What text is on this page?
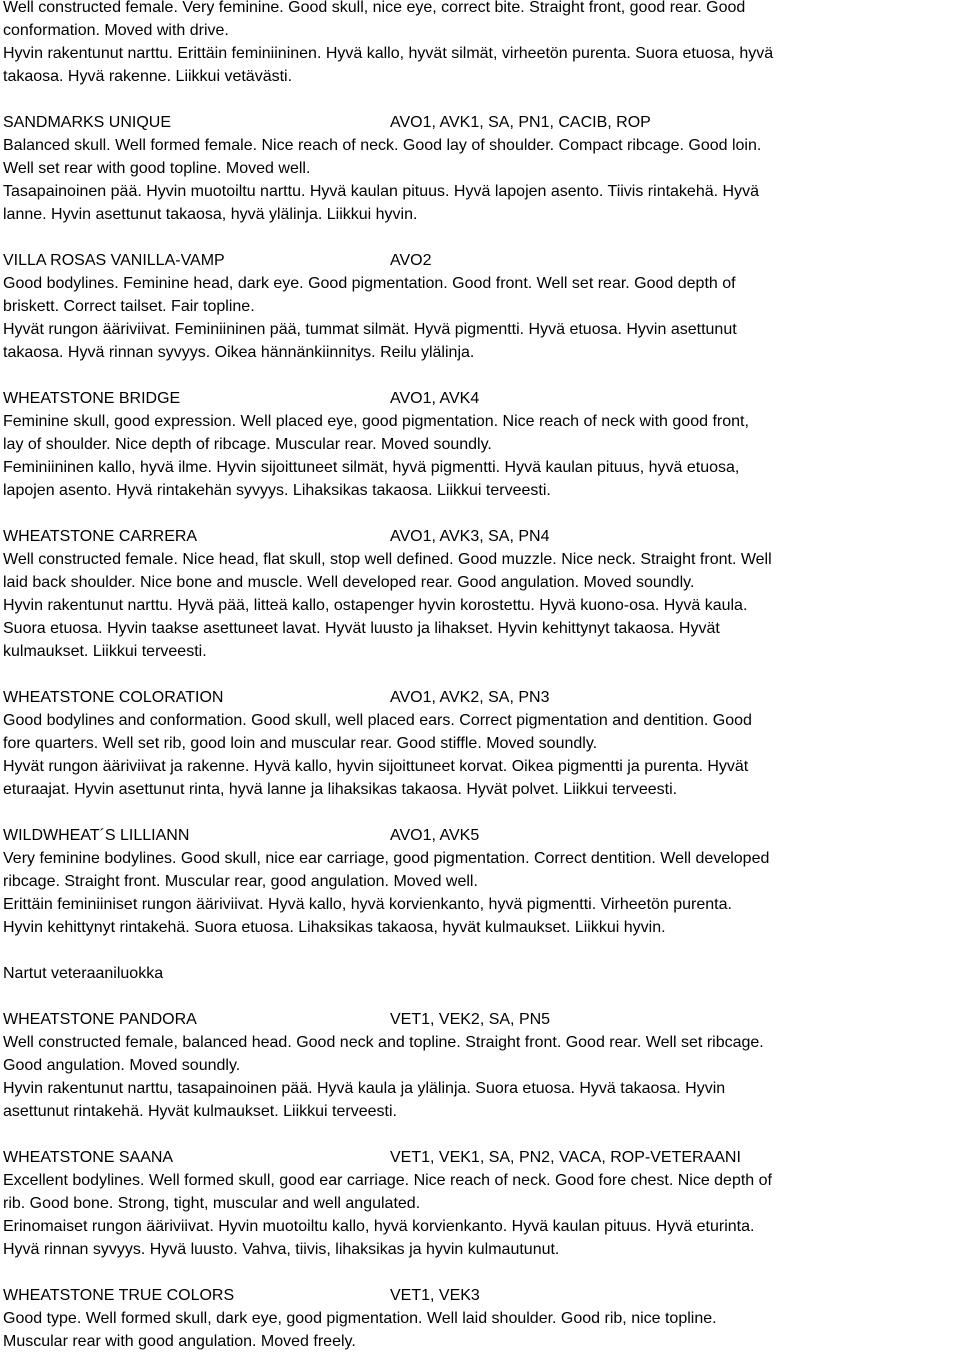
Well constructed female. Very feminine. Good skull, nice eye, correct bite. Straight front, good rear. Good
conformation. Moved with drive.
Hyvin rakentunut narttu. Erittäin feminiininen. Hyvä kallo, hyvät silmät, virheetön purenta. Suora etuosa, hyvä
takaosa. Hyvä rakenne. Liikkui vetävästi.
SANDMARKS UNIQUE	AVO1, AVK1, SA, PN1, CACIB, ROP
Balanced skull. Well formed female. Nice reach of neck. Good lay of shoulder. Compact ribcage. Good loin.
Well set rear with good topline. Moved well.
Tasapainoinen pää. Hyvin muotoiltu narttu. Hyvä kaulan pituus. Hyvä lapojen asento. Tiivis rintakehä. Hyvä
lanne. Hyvin asettunut takaosa, hyvä ylälinja. Liikkui hyvin.
VILLA ROSAS VANILLA-VAMP	AVO2
Good bodylines. Feminine head, dark eye. Good pigmentation. Good front. Well set rear. Good depth of
briskett. Correct tailset. Fair topline.
Hyvät rungon ääriviivat. Feminiininen pää, tummat silmät. Hyvä pigmentti. Hyvä etuosa. Hyvin asettunut
takaosa. Hyvä rinnan syvyys. Oikea hännänkiinnitys. Reilu ylälinja.
WHEATSTONE BRIDGE	AVO1, AVK4
Feminine skull, good expression. Well placed eye, good pigmentation. Nice reach of neck with good front,
lay of shoulder. Nice depth of ribcage. Muscular rear. Moved soundly.
Feminiininen kallo, hyvä ilme. Hyvin sijoittuneet silmät, hyvä pigmentti. Hyvä kaulan pituus, hyvä etuosa,
lapojen asento. Hyvä rintakehän syvyys. Lihaksikas takaosa. Liikkui terveesti.
WHEATSTONE CARRERA	AVO1, AVK3, SA, PN4
Well constructed female. Nice head, flat skull, stop well defined. Good muzzle. Nice neck. Straight front. Well
laid back shoulder. Nice bone and muscle. Well developed rear. Good angulation. Moved soundly.
Hyvin rakentunut narttu. Hyvä pää, litteä kallo, ostapenger hyvin korostettu. Hyvä kuono-osa. Hyvä kaula.
Suora etuosa. Hyvin taakse asettuneet lavat. Hyvät luusto ja lihakset. Hyvin kehittynyt takaosa. Hyvät
kulmaukset. Liikkui terveesti.
WHEATSTONE COLORATION	AVO1, AVK2, SA, PN3
Good bodylines and conformation. Good skull, well placed ears. Correct pigmentation and dentition. Good
fore quarters. Well set rib, good loin and muscular rear. Good stiffle. Moved soundly.
Hyvät rungon ääriviivat ja rakenne. Hyvä kallo, hyvin sijoittuneet korvat. Oikea pigmentti ja purenta. Hyvät
eturaajat. Hyvin asettunut rinta, hyvä lanne ja lihaksikas takaosa. Hyvät polvet. Liikkui terveesti.
WILDWHEAT´S LILLIANN	AVO1, AVK5
Very feminine bodylines. Good skull, nice ear carriage, good pigmentation. Correct dentition. Well developed
ribcage. Straight front. Muscular rear, good angulation. Moved well.
Erittäin feminiiniset rungon ääriviivat. Hyvä kallo, hyvä korvienkanto, hyvä pigmentti. Virheetön purenta.
Hyvin kehittynyt rintakehä. Suora etuosa. Lihaksikas takaosa, hyvät kulmaukset. Liikkui hyvin.
Nartut veteraaniluokka
WHEATSTONE PANDORA	VET1, VEK2, SA, PN5
Well constructed female, balanced head. Good neck and topline. Straight front. Good rear. Well set ribcage.
Good angulation. Moved soundly.
Hyvin rakentunut narttu, tasapainoinen pää. Hyvä kaula ja ylälinja. Suora etuosa. Hyvä takaosa. Hyvin
asettunut rintakehä. Hyvät kulmaukset. Liikkui terveesti.
WHEATSTONE SAANA	VET1, VEK1, SA, PN2, VACA, ROP-VETERAANI
Excellent bodylines. Well formed skull, good ear carriage. Nice reach of neck. Good fore chest. Nice depth of
rib. Good bone. Strong, tight, muscular and well angulated.
Erinomaiset rungon ääriviivat. Hyvin muotoiltu kallo, hyvä korvienkanto. Hyvä kaulan pituus. Hyvä eturinta.
Hyvä rinnan syvyys. Hyvä luusto. Vahva, tiivis, lihaksikas ja hyvin kulmautunut.
WHEATSTONE TRUE COLORS	VET1, VEK3
Good type. Well formed skull, dark eye, good pigmentation. Well laid shoulder. Good rib, nice topline.
Muscular rear with good angulation. Moved freely.
